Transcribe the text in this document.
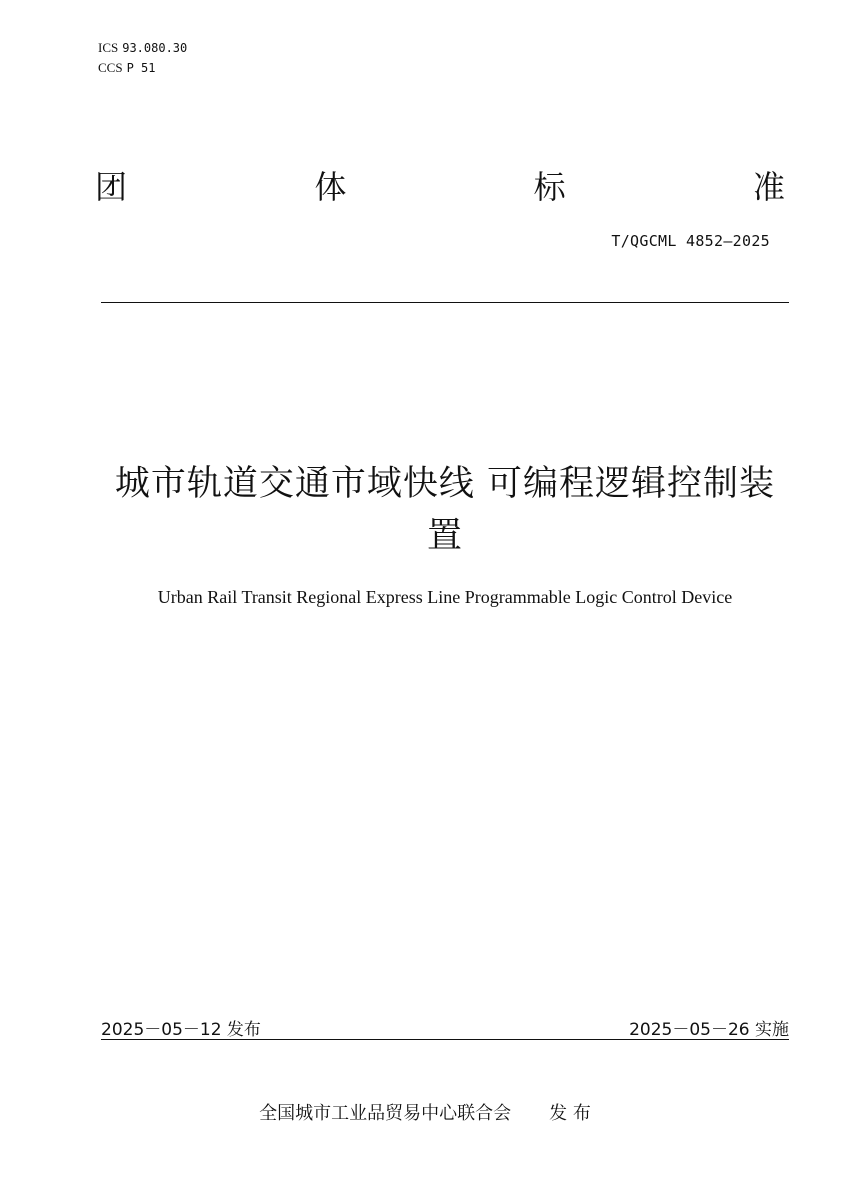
ICS 93.080.30
CCS P 51
团	体	标	准
T/QGCML 4852—2025
城市轨道交通市域快线 可编程逻辑控制装
置
Urban Rail Transit Regional Express Line Programmable Logic Control Device
2025－05－12 发布	2025－05－26 实施
全国城市工业品贸易中心联合会 发 布
